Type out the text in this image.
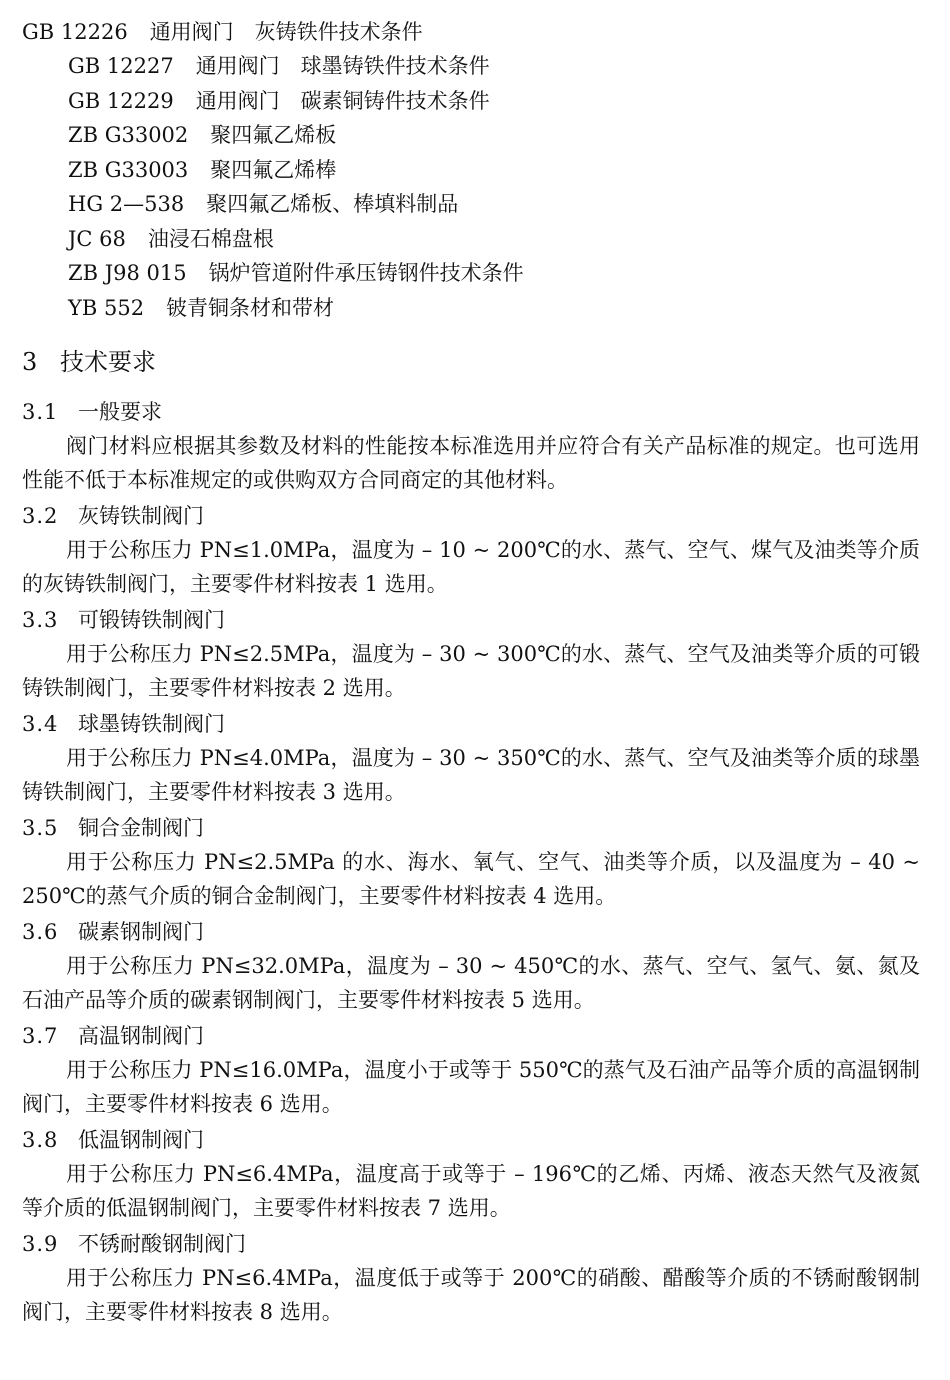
GB 12226 通用阀门　灰铸铁件技术条件
GB 12227 通用阀门　球墨铸铁件技术条件
GB 12229 通用阀门　碳素铜铸件技术条件
ZB G33002 聚四氟乙烯板
ZB G33003 聚四氟乙烯棒
HG 2—538 聚四氟乙烯板、棒填料制品
JC 68 油浸石棉盘根
ZB J98 015 锅炉管道附件承压铸钢件技术条件
YB 552 铍青铜条材和带材
3 技术要求
3.1 一般要求

阀门材料应根据其参数及材料的性能按本标准选用并应符合有关产品标准的规定。也可选用性能不低于本标准规定的或供购双方合同商定的其他材料。

3.2 灰铸铁制阀门

用于公称压力 PN≤1.0MPa，温度为 – 10 ~ 200℃的水、蒸气、空气、煤气及油类等介质的灰铸铁制阀门，主要零件材料按表 1 选用。

3.3 可锻铸铁制阀门

用于公称压力 PN≤2.5MPa，温度为 – 30 ~ 300℃的水、蒸气、空气及油类等介质的可锻铸铁制阀门，主要零件材料按表 2 选用。

3.4 球墨铸铁制阀门

用于公称压力 PN≤4.0MPa，温度为 – 30 ~ 350℃的水、蒸气、空气及油类等介质的球墨铸铁制阀门，主要零件材料按表 3 选用。

3.5 铜合金制阀门

用于公称压力 PN≤2.5MPa 的水、海水、氧气、空气、油类等介质，以及温度为 – 40 ~ 250℃的蒸气介质的铜合金制阀门，主要零件材料按表 4 选用。

3.6 碳素钢制阀门

用于公称压力 PN≤32.0MPa，温度为 – 30 ~ 450℃的水、蒸气、空气、氢气、氨、氮及石油产品等介质的碳素钢制阀门，主要零件材料按表 5 选用。

3.7 高温钢制阀门

用于公称压力 PN≤16.0MPa，温度小于或等于 550℃的蒸气及石油产品等介质的高温钢制阀门，主要零件材料按表 6 选用。

3.8 低温钢制阀门

用于公称压力 PN≤6.4MPa，温度高于或等于 – 196℃的乙烯、丙烯、液态天然气及液氮等介质的低温钢制阀门，主要零件材料按表 7 选用。

3.9 不锈耐酸钢制阀门

用于公称压力 PN≤6.4MPa，温度低于或等于 200℃的硝酸、醋酸等介质的不锈耐酸钢制阀门，主要零件材料按表 8 选用。
